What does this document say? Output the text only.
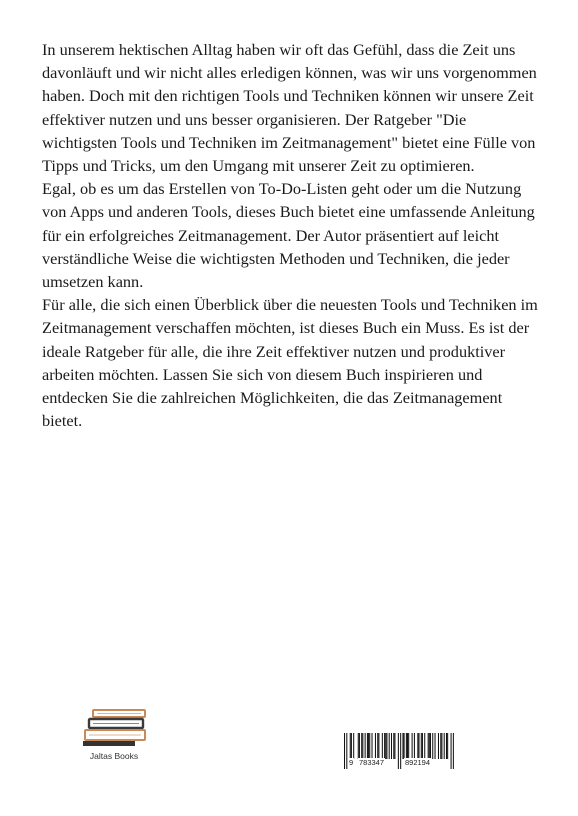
In unserem hektischen Alltag haben wir oft das Gefühl, dass die Zeit uns davonläuft und wir nicht alles erledigen können, was wir uns vorgenommen haben. Doch mit den richtigen Tools und Techniken können wir unsere Zeit effektiver nutzen und uns besser organisieren. Der Ratgeber "Die wichtigsten Tools und Techniken im Zeitmanagement" bietet eine Fülle von Tipps und Tricks, um den Umgang mit unserer Zeit zu optimieren.

Egal, ob es um das Erstellen von To-Do-Listen geht oder um die Nutzung von Apps und anderen Tools, dieses Buch bietet eine umfassende Anleitung für ein erfolgreiches Zeitmanagement. Der Autor präsentiert auf leicht verständliche Weise die wichtigsten Methoden und Techniken, die jeder umsetzen kann.

Für alle, die sich einen Überblick über die neuesten Tools und Techniken im Zeitmanagement verschaffen möchten, ist dieses Buch ein Muss. Es ist der ideale Ratgeber für alle, die ihre Zeit effektiver nutzen und produktiver arbeiten möchten. Lassen Sie sich von diesem Buch inspirieren und entdecken Sie die zahlreichen Möglichkeiten, die das Zeitmanagement bietet.

Jaltas Books
9 783347	892194
